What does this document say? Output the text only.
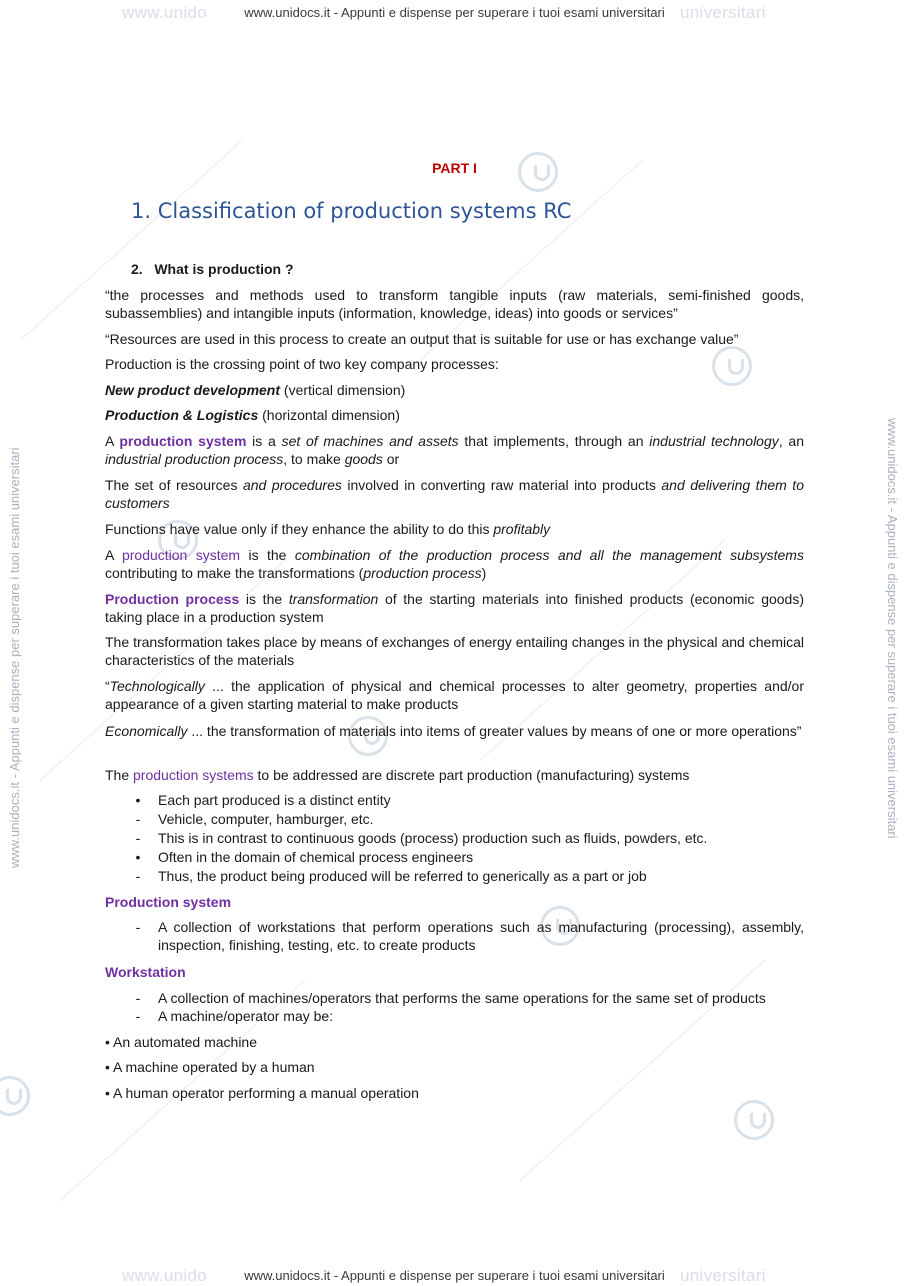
www.unido	universitari
www.unidocs.it - Appunti e dispense per superare i tuoi esami universitari
www.unido	universitari
www.unidocs.it - Appunti e dispense per superare i tuoi esami universitari
www.unidocs.it - Appunti e dispense per superare i tuoi esami universitari	www.unidocs.it - Appunti e dispense per superare i tuoi esami universitari
PART I
1. Classification of production systems RC
2.   What is production ?

“the processes and methods used to transform tangible inputs (raw materials, semi-finished goods, subassemblies) and intangible inputs (information, knowledge, ideas) into goods or services”

“Resources are used in this process to create an output that is suitable for use or has exchange value”

Production is the crossing point of two key company processes:

New product development (vertical dimension)

Production & Logistics (horizontal dimension)

A production system is a set of machines and assets that implements, through an industrial technology, an industrial production process, to make goods or

The set of resources and procedures involved in converting raw material into products and delivering them to customers

Functions have value only if they enhance the ability to do this profitably

A production system is the combination of the production process and all the management subsystems contributing to make the transformations (production process)

Production process is the transformation of the starting materials into finished products (economic goods) taking place in a production system

The transformation takes place by means of exchanges of energy entailing changes in the physical and chemical characteristics of the materials

“Technologically ... the application of physical and chemical processes to alter geometry, properties and/or appearance of a given starting material to make products

Economically ... the transformation of materials into items of greater values by means of one or more operations”

The production systems to be addressed are discrete part production (manufacturing) systems

•	Each part produced is a distinct entity
-	Vehicle, computer, hamburger, etc.
-	This is in contrast to continuous goods (process) production such as fluids, powders, etc.
•	Often in the domain of chemical process engineers
-	Thus, the product being produced will be referred to generically as a part or job

Production system

-	A collection of workstations that perform operations such as manufacturing (processing), assembly, inspection, finishing, testing, etc. to create products

Workstation

-	A collection of machines/operators that performs the same operations for the same set of products
-	A machine/operator may be:

• An automated machine

• A machine operated by a human

• A human operator performing a manual operation
